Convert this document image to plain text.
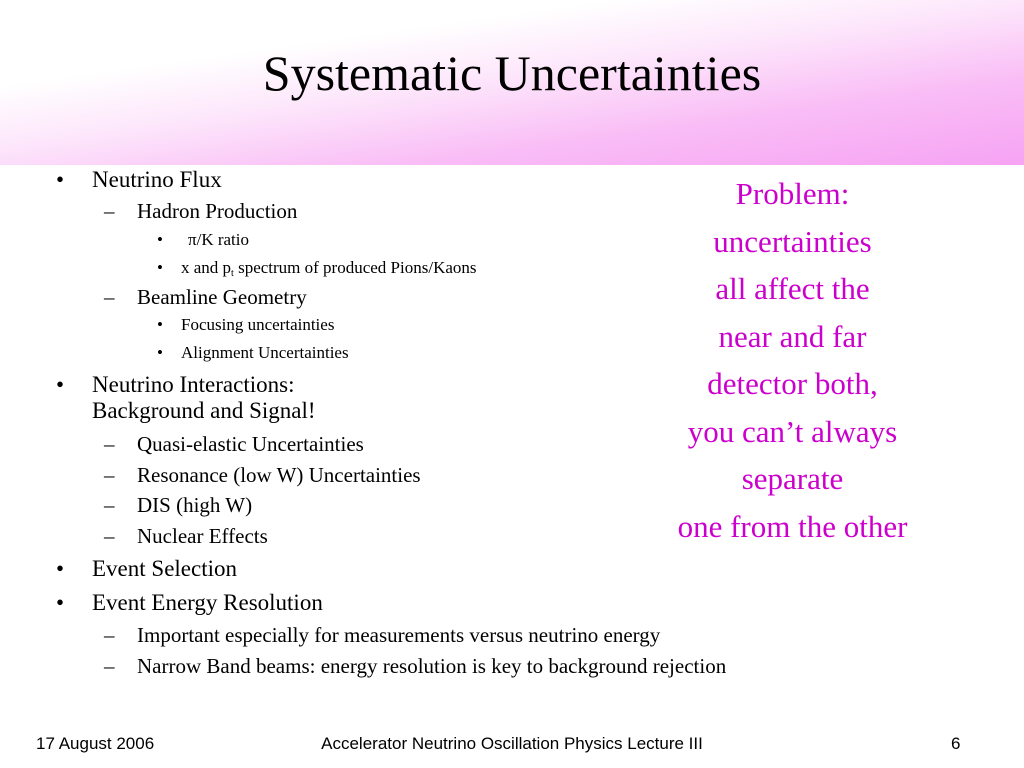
Systematic Uncertainties
• Neutrino Flux
– Hadron Production
•	π/K ratio
• x and $p_t$ spectrum of produced Pions/Kaons
– Beamline Geometry
• Focusing uncertainties
• Alignment Uncertainties
• Neutrino Interactions:
Background and Signal!
– Quasi-elastic Uncertainties
– Resonance (low W) Uncertainties
– DIS (high W)
– Nuclear Effects
• Event Selection
• Event Energy Resolution
– Important especially for measurements versus neutrino energy
– Narrow Band beams: energy resolution is key to background rejection
Problem:
uncertainties
all affect the
near and far
detector both,
you can’t always
separate
one from the other
17 August 2006	Accelerator Neutrino Oscillation Physics Lecture III	6
